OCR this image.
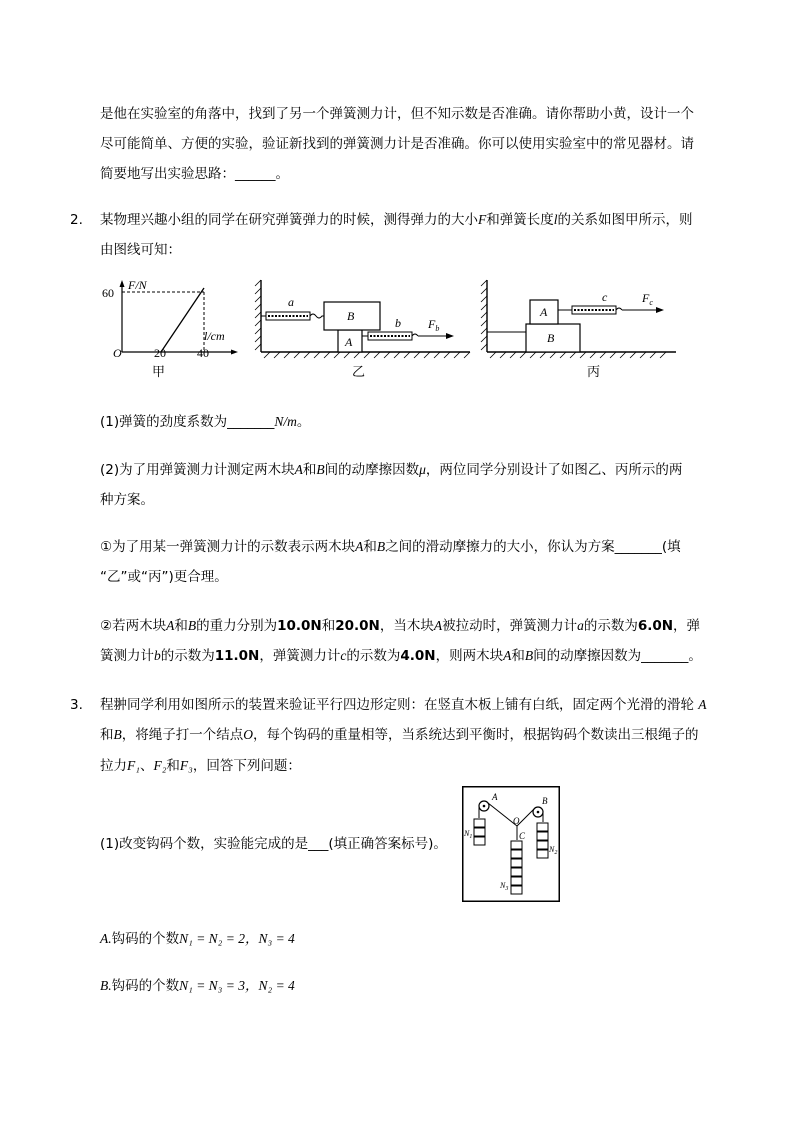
是他在实验室的角落中，找到了另一个弹簧测力计，但不知示数是否准确。请你帮助小黄，设计一个
尽可能简单、方便的实验，验证新找到的弹簧测力计是否准确。你可以使用实验室中的常见器材。请
简要地写出实验思路：______。
2. 某物理兴趣小组的同学在研究弹簧弹力的时候，测得弹力的大小F和弹簧长度l的关系如图甲所示，则
由图线可知：
F/N
60
O	20	40
l/cm
甲
A
B
a
b $F_b$
乙
B
A
c	$F_c$
丙
(1)弹簧的劲度系数为_______N/m。
(2)为了用弹簧测力计测定两木块A和B间的动摩擦因数μ，两位同学分别设计了如图乙、丙所示的两
种方案。
①为了用某一弹簧测力计的示数表示两木块A和B之间的滑动摩擦力的大小，你认为方案_______(填
“乙”或“丙”)更合理。
②若两木块A和B的重力分别为10.0N和20.0N，当木块A被拉动时，弹簧测力计a的示数为6.0N，弹
簧测力计b的示数为11.0N，弹簧测力计c的示数为4.0N，则两木块A和B间的动摩擦因数为_______。
3. 程翀同学利用如图所示的装置来验证平行四边形定则：在竖直木板上铺有白纸，固定两个光滑的滑轮 A
和B，将绳子打一个结点O，每个钩码的重量相等，当系统达到平衡时，根据钩码个数读出三根绳子的
拉力F₁、F₂和F₃，回答下列问题：
(1)改变钩码个数，实验能完成的是___(填正确答案标号)。
A	B
O
C
$N_1$
$N_3$
$N_2$
A.钩码的个数N₁ = N₂ = 2，N₃ = 4
B.钩码的个数N₁ = N₃ = 3，N₂ = 4
